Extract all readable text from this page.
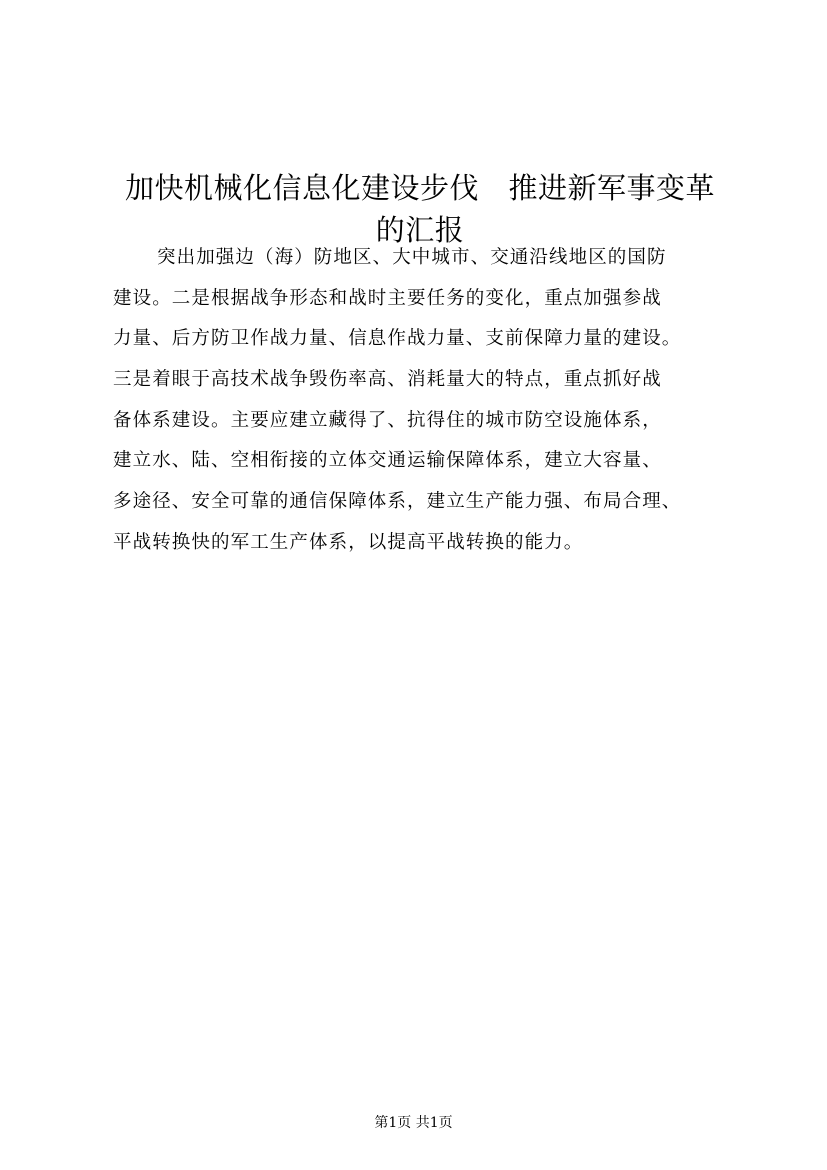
加快机械化信息化建设步伐　推进新军事变革
的汇报
突出加强边（海）防地区、大中城市、交通沿线地区的国防
建设。二是根据战争形态和战时主要任务的变化，重点加强参战
力量、后方防卫作战力量、信息作战力量、支前保障力量的建设。
三是着眼于高技术战争毁伤率高、消耗量大的特点，重点抓好战
备体系建设。主要应建立藏得了、抗得住的城市防空设施体系，
建立水、陆、空相衔接的立体交通运输保障体系，建立大容量、
多途径、安全可靠的通信保障体系，建立生产能力强、布局合理、
平战转换快的军工生产体系，以提高平战转换的能力。
第1页 共1页
